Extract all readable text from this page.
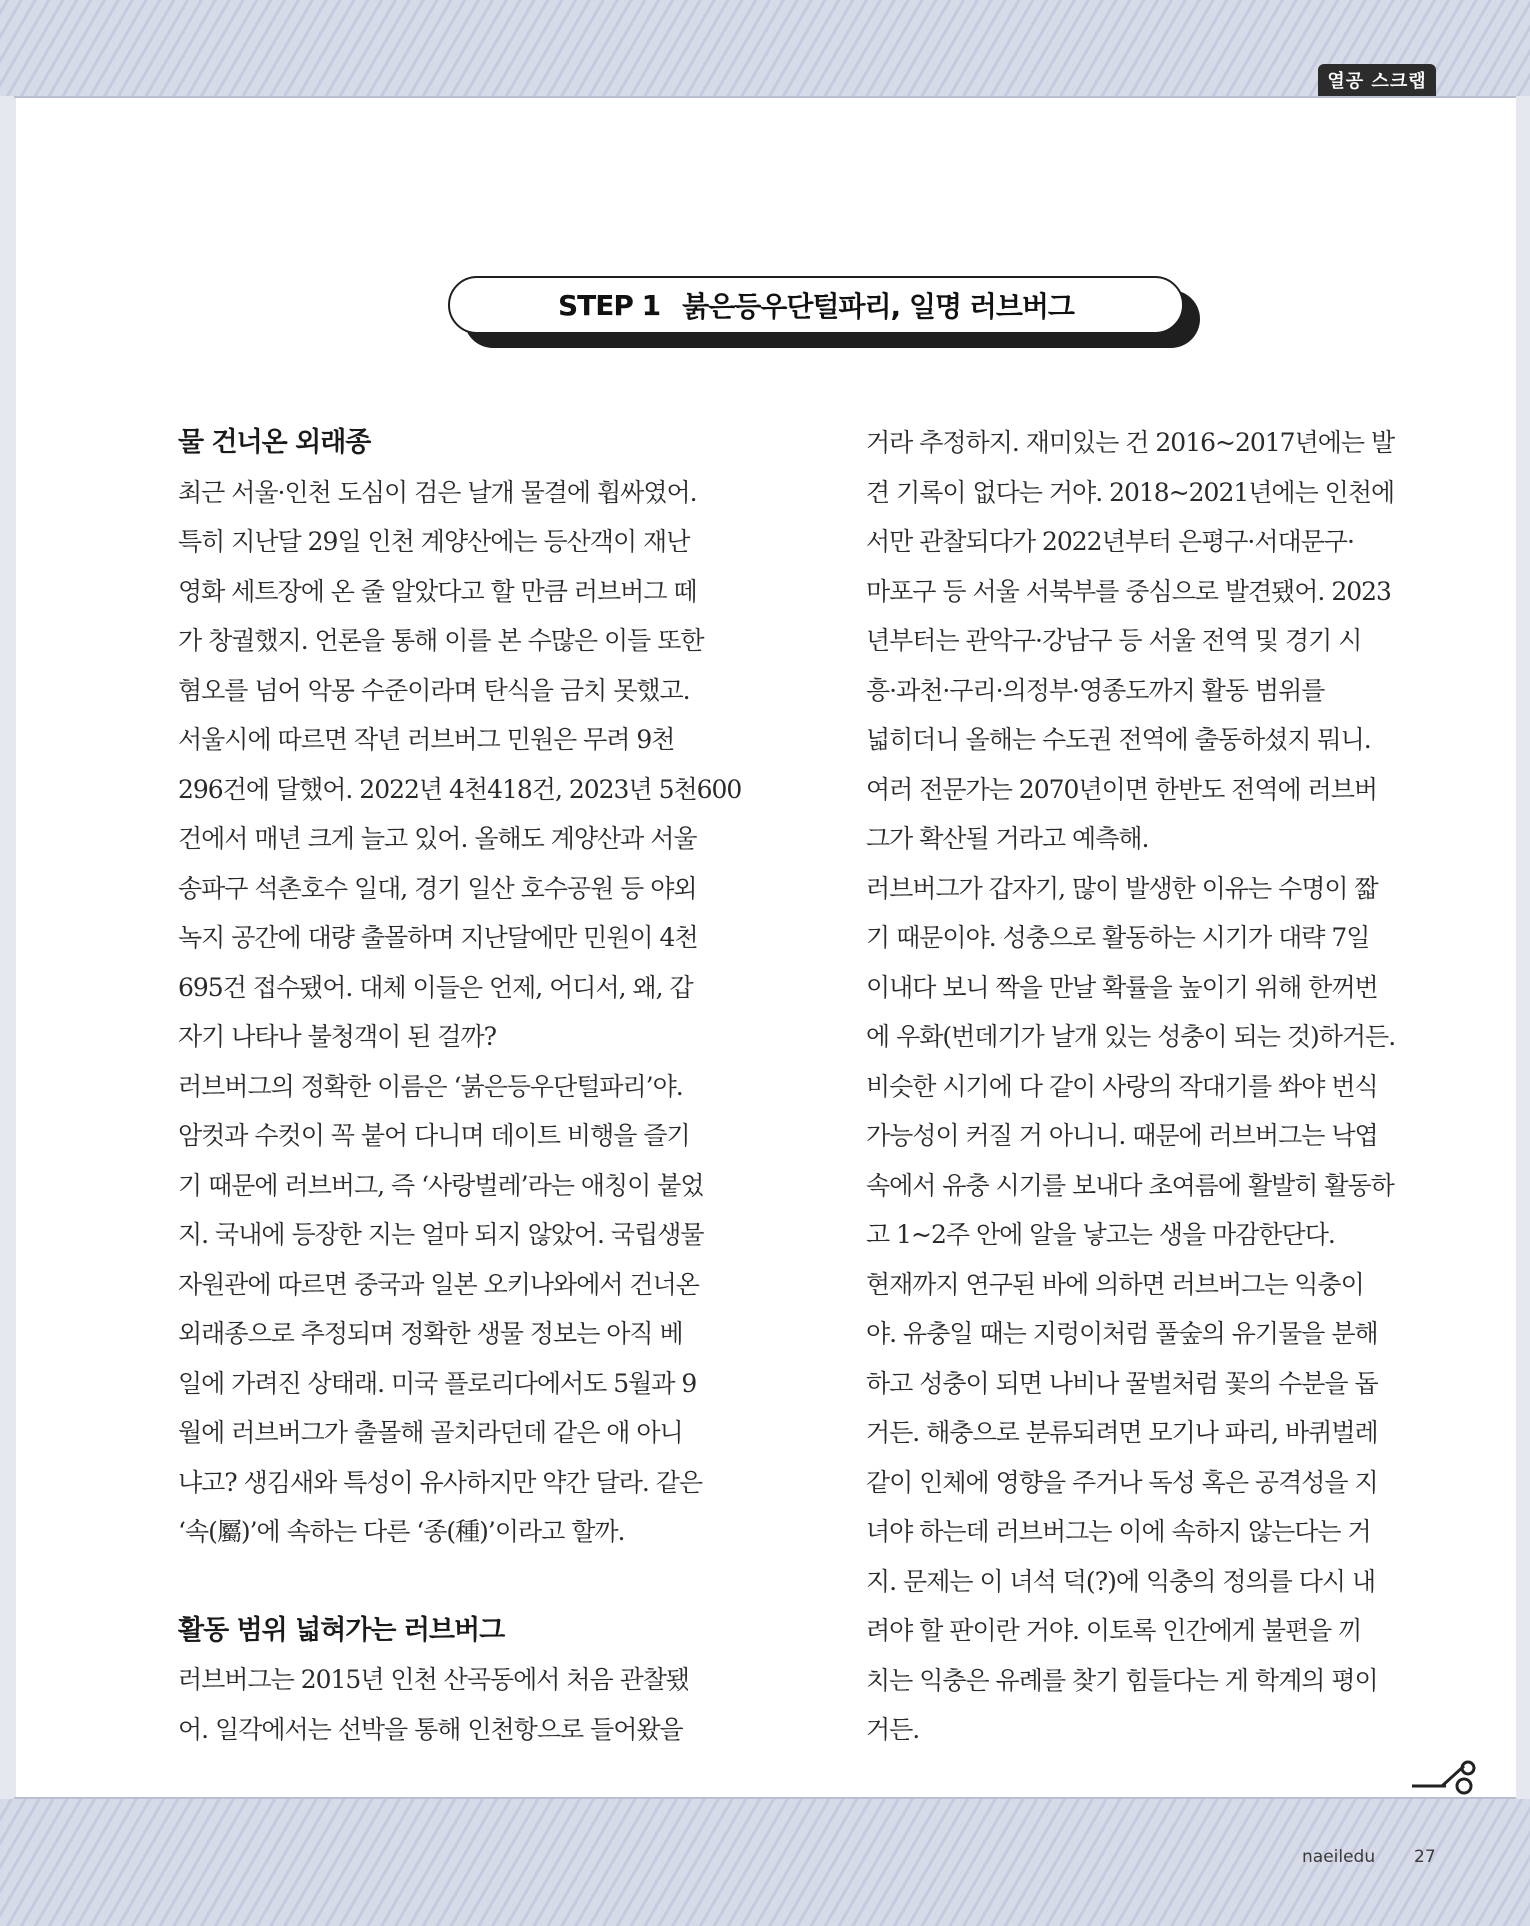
열공 스크랩
STEP 1 붉은등우단털파리, 일명 러브버그
물 건너온 외래종

최근 서울·인천 도심이 검은 날개 물결에 휩싸였어.

특히 지난달 29일 인천 계양산에는 등산객이 재난

영화 세트장에 온 줄 알았다고 할 만큼 러브버그 떼

가 창궐했지. 언론을 통해 이를 본 수많은 이들 또한

혐오를 넘어 악몽 수준이라며 탄식을 금치 못했고.

서울시에 따르면 작년 러브버그 민원은 무려 9천

296건에 달했어. 2022년 4천418건, 2023년 5천600

건에서 매년 크게 늘고 있어. 올해도 계양산과 서울

송파구 석촌호수 일대, 경기 일산 호수공원 등 야외

녹지 공간에 대량 출몰하며 지난달에만 민원이 4천

695건 접수됐어. 대체 이들은 언제, 어디서, 왜, 갑

자기 나타나 불청객이 된 걸까?

러브버그의 정확한 이름은 ‘붉은등우단털파리’야.

암컷과 수컷이 꼭 붙어 다니며 데이트 비행을 즐기

기 때문에 러브버그, 즉 ‘사랑벌레’라는 애칭이 붙었

지. 국내에 등장한 지는 얼마 되지 않았어. 국립생물

자원관에 따르면 중국과 일본 오키나와에서 건너온

외래종으로 추정되며 정확한 생물 정보는 아직 베

일에 가려진 상태래. 미국 플로리다에서도 5월과 9

월에 러브버그가 출몰해 골치라던데 같은 애 아니

냐고? 생김새와 특성이 유사하지만 약간 달라. 같은

‘속(屬)’에 속하는 다른 ‘종(種)’이라고 할까.

활동 범위 넓혀가는 러브버그

러브버그는 2015년 인천 산곡동에서 처음 관찰됐

어. 일각에서는 선박을 통해 인천항으로 들어왔을

거라 추정하지. 재미있는 건 2016~2017년에는 발

견 기록이 없다는 거야. 2018~2021년에는 인천에

서만 관찰되다가 2022년부터 은평구·서대문구·

마포구 등 서울 서북부를 중심으로 발견됐어. 2023

년부터는 관악구·강남구 등 서울 전역 및 경기 시

흥·과천·구리·의정부·영종도까지 활동 범위를

넓히더니 올해는 수도권 전역에 출동하셨지 뭐니.

여러 전문가는 2070년이면 한반도 전역에 러브버

그가 확산될 거라고 예측해.

러브버그가 갑자기, 많이 발생한 이유는 수명이 짧

기 때문이야. 성충으로 활동하는 시기가 대략 7일

이내다 보니 짝을 만날 확률을 높이기 위해 한꺼번

에 우화(번데기가 날개 있는 성충이 되는 것)하거든.

비슷한 시기에 다 같이 사랑의 작대기를 쏴야 번식

가능성이 커질 거 아니니. 때문에 러브버그는 낙엽

속에서 유충 시기를 보내다 초여름에 활발히 활동하

고 1~2주 안에 알을 낳고는 생을 마감한단다.

현재까지 연구된 바에 의하면 러브버그는 익충이

야. 유충일 때는 지렁이처럼 풀숲의 유기물을 분해

하고 성충이 되면 나비나 꿀벌처럼 꽃의 수분을 돕

거든. 해충으로 분류되려면 모기나 파리, 바퀴벌레

같이 인체에 영향을 주거나 독성 혹은 공격성을 지

녀야 하는데 러브버그는 이에 속하지 않는다는 거

지. 문제는 이 녀석 덕(?)에 익충의 정의를 다시 내

려야 할 판이란 거야. 이토록 인간에게 불편을 끼

치는 익충은 유례를 찾기 힘들다는 게 학계의 평이

거든.

naeiledu 27
